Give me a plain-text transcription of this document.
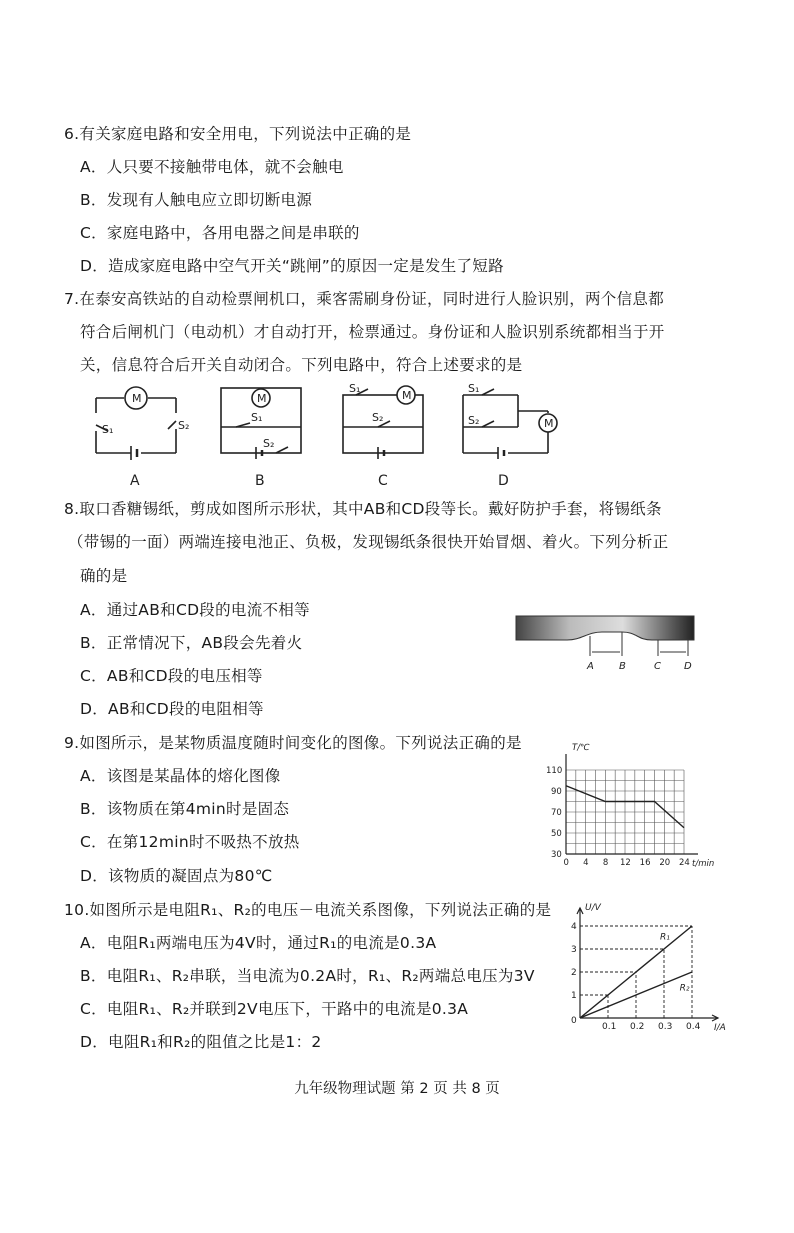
6.有关家庭电路和安全用电，下列说法中正确的是
A．人只要不接触带电体，就不会触电
B．发现有人触电应立即切断电源
C．家庭电路中，各用电器之间是串联的
D．造成家庭电路中空气开关“跳闸”的原因一定是发生了短路
7.在泰安高铁站的自动检票闸机口，乘客需刷身份证，同时进行人脸识别，两个信息都
符合后闸机门（电动机）才自动打开，检票通过。身份证和人脸识别系统都相当于开
关，信息符合后开关自动闭合。下列电路中，符合上述要求的是
M
S₁	S₂
M
S₁
S₂
S₁
M
S₂
S₁
S₂	M
A	B	C	D
8.取口香糖锡纸，剪成如图所示形状，其中AB和CD段等长。戴好防护手套，将锡纸条
（带锡的一面）两端连接电池正、负极，发现锡纸条很快开始冒烟、着火。下列分析正
确的是
A．通过AB和CD段的电流不相等
B．正常情况下，AB段会先着火
C．AB和CD段的电压相等
D．AB和CD段的电阻相等
A	B	C D
9.如图所示，是某物质温度随时间变化的图像。下列说法正确的是
A．该图是某晶体的熔化图像
B．该物质在第4min时是固态
C．在第12min时不吸热不放热
D．该物质的凝固点为80℃
0 4 8 12 16 20 24
30
50
70
90
110
T/℃
t/min
10.如图所示是电阻R₁、R₂的电压－电流关系图像，下列说法正确的是
A．电阻R₁两端电压为4V时，通过R₁的电流是0.3A
B．电阻R₁、R₂串联，当电流为0.2A时，R₁、R₂两端总电压为3V
C．电阻R₁、R₂并联到2V电压下，干路中的电流是0.3A
D．电阻R₁和R₂的阻值之比是1：2
R₁
R₂
0.1 0.2 0.3 0.4
1
2
3
4
0
U/V
I/A
九年级物理试题 第 2 页 共 8 页
